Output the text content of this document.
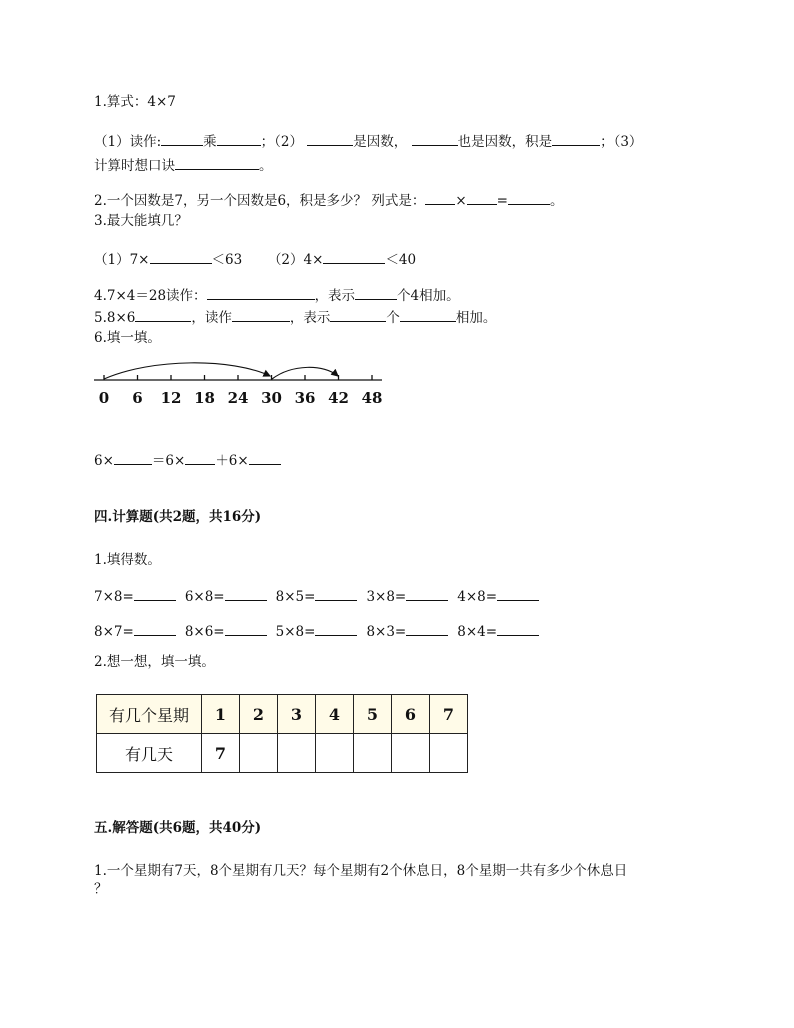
1.算式：4×7
（1）读作:	乘	；（2）	是因数，	也是因数，积是	；（3）
计算时想口诀	。
2.一个因数是7，另一个因数是6，积是多少？ 列式是： × =	。
3.最大能填几？
（1）7×	＜63 （2）4×	＜40
4.7×4＝28读作：	，表示	个4相加。
5.8×6	，读作	，表示	个	相加。
6.填一填。
0 6 12 18 24 30 36 42 48
6×	＝6× ＋6×
四.计算题(共2题，共16分)
1.填得数。
7×8=	6×8=	8×5=	3×8=	4×8=
8×7=	8×6=	5×8=	8×3=	8×4=
2.想一想，填一填。
有几个星期	1	2	3	4	5	6	7
有几天	7						
五.解答题(共6题，共40分)
1.一个星期有7天，8个星期有几天？每个星期有2个休息日，8个星期一共有多少个休息日
？
